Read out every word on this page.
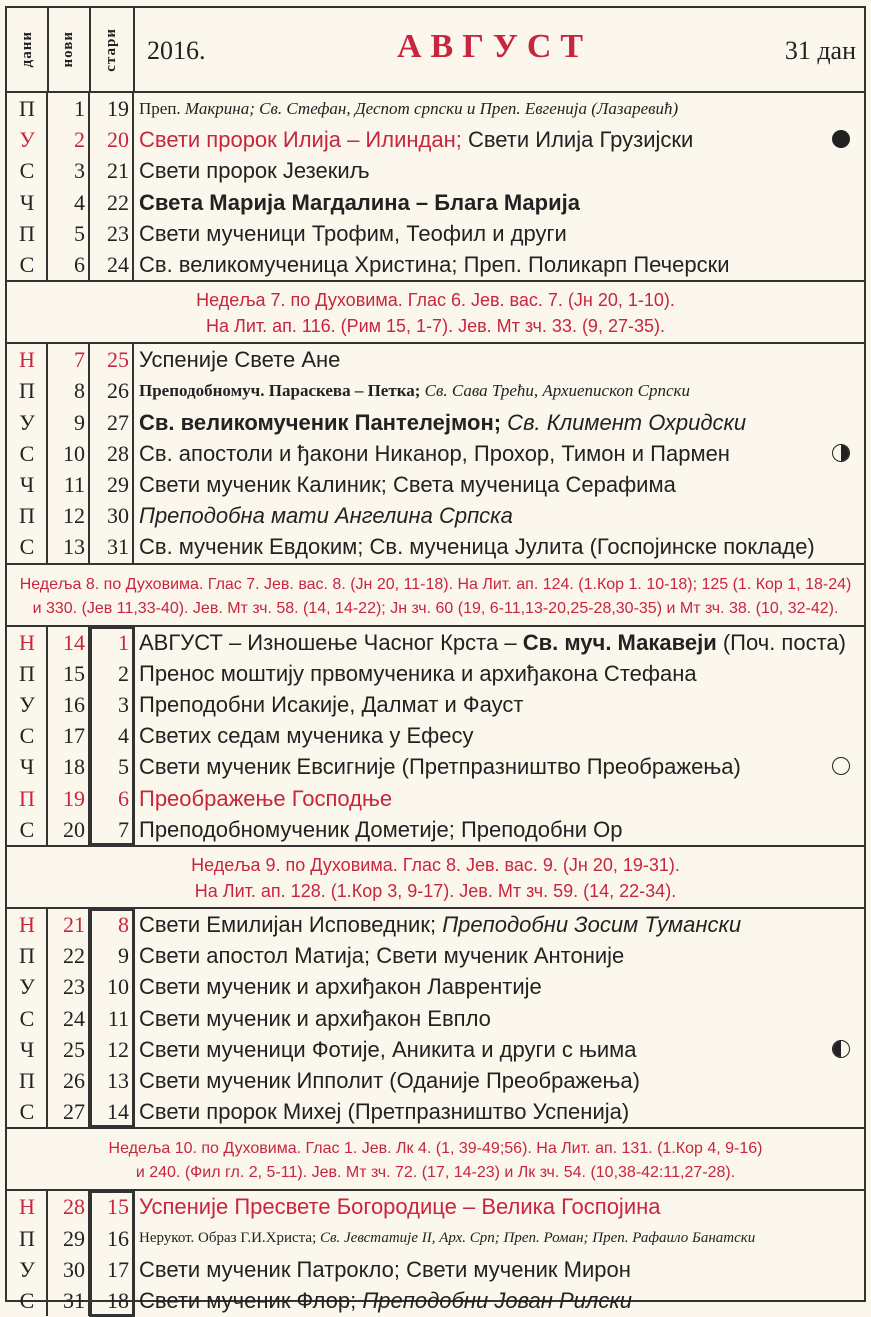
дани нови стари 2016.	АВГУСТ	31 дан
П	1	19 Преп. Макрина; Св. Стефан, Деспот српски и Преп. Евгенија (Лазаревић)
У	2	20 Свети пророк Илија – Илиндан; Свети Илија Грузијски
С	3	21 Свети пророк Језекиљ
Ч	4	22 Света Марија Магдалина – Блага Марија
П	5	23 Свети мученици Трофим, Теофил и други
С	6	24 Св. великомученица Христина; Преп. Поликарп Печерски
Недеља 7. по Духовима. Глас 6. Јев. вас. 7. (Јн 20, 1-10).
На Лит. ап. 116. (Рим 15, 1-7). Јев. Мт зч. 33. (9, 27-35).
Н	7	25 Успеније Свете Ане
П	8	26 Преподобномуч. Параскева – Петка; Св. Сава Трећи, Архиепископ Српски
У	9	27 Св. великомученик Пантелејмон; Св. Климент Охридски
С	10	28 Св. апостоли и ђакони Никанор, Прохор, Тимон и Пармен
Ч	11	29 Свети мученик Калиник; Света мученица Серафима
П	12	30 Преподобна мати Ангелина Српска
С	13	31 Св. мученик Евдоким; Св. мученица Јулита (Госпојинске покладе)
Недеља 8. по Духовима. Глас 7. Јев. вас. 8. (Јн 20, 11-18). На Лит. ап. 124. (1.Кор 1. 10-18); 125 (1. Кор 1, 18-24)
и 330. (Јев 11,33-40). Јев. Мт зч. 58. (14, 14-22); Јн зч. 60 (19, 6-11,13-20,25-28,30-35) и Мт зч. 38. (10, 32-42).
Н	14	1 АВГУСТ – Изношење Часног Крста – Св. муч. Макавеји (Поч. поста)
П	15	2 Пренос моштију првомученика и архиђакона Стефана
У	16	3 Преподобни Исакије, Далмат и Фауст
С	17	4 Светих седам мученика у Ефесу
Ч	18	5 Свети мученик Евсигније (Претпразништво Преображења)
П	19	6 Преображење Господње
С	20	7 Преподобномученик Дометије; Преподобни Ор
Недеља 9. по Духовима. Глас 8. Јев. вас. 9. (Јн 20, 19-31).
На Лит. ап. 128. (1.Кор 3, 9-17). Јев. Мт зч. 59. (14, 22-34).
Н	21	8 Свети Емилијан Исповедник; Преподобни Зосим Тумански
П	22	9 Свети апостол Матија; Свети мученик Антоније
У	23	10 Свети мученик и архиђакон Лаврентије
С	24	11 Свети мученик и архиђакон Евпло
Ч	25	12 Свети мученици Фотије, Аникита и други с њима
П	26	13 Свети мученик Ипполит (Оданије Преображења)
С	27	14 Свети пророк Михеј (Претпразништво Успенија)
Недеља 10. по Духовима. Глас 1. Јев. Лк 4. (1, 39-49;56). На Лит. ап. 131. (1.Кор 4, 9-16)
и 240. (Фил гл. 2, 5-11). Јев. Мт зч. 72. (17, 14-23) и Лк зч. 54. (10,38-42:11,27-28).
Н	28	15 Успеније Пресвете Богородице – Велика Госпојина
П	29	16 Нерукот. Образ Г.И.Христа; Св. Јевстатије II, Арх. Срп; Преп. Роман; Преп. Рафаило Банатски
У	30	17 Свети мученик Патрокло; Свети мученик Мирон
С	31	18 Свети мученик Флор; Преподобни Јован Рилски
